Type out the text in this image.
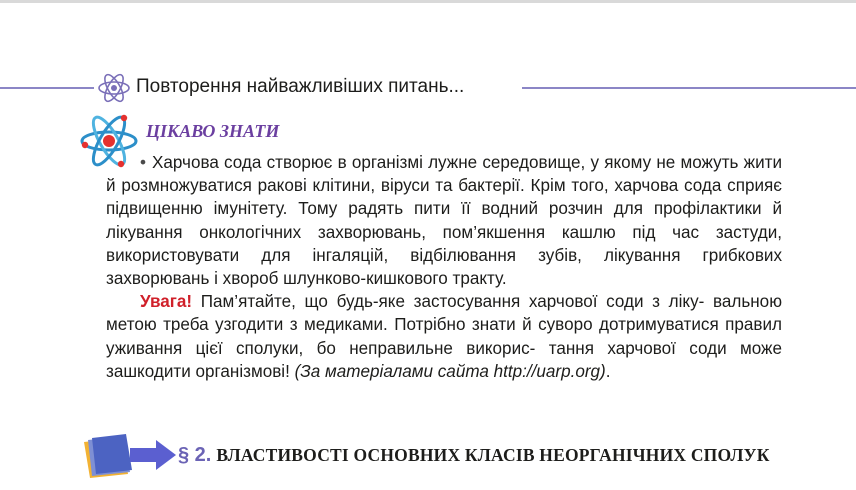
Повторення найважливіших питань...
ЦІКАВО ЗНАТИ

• Харчова сода створює в організмі лужне середовище, у якому не можуть жити й розмножуватися ракові клітини, віруси та бактерії. Крім того, харчова сода сприяє підвищенню імунітету. Тому радять пити її водний розчин для профілактики й лікування онкологічних захворювань, пом’якшення кашлю під час застуди, використовувати для інгаляцій, відбілювання зубів, лікування грибкових захворювань і хвороб шлунково-кишкового тракту.

Увага! Пам’ятайте, що будь-яке застосування харчової соди з ліку- вальною метою треба узгодити з медиками. Потрібно знати й суворо дотримуватися правил уживання цієї сполуки, бо неправильне викорис- тання харчової соди може зашкодити організмові! (За матеріалами сайта http://uarp.org).

§ 2. ВЛАСТИВОСТІ ОСНОВНИХ КЛАСІВ НЕОРГАНІЧНИХ СПОЛУК
